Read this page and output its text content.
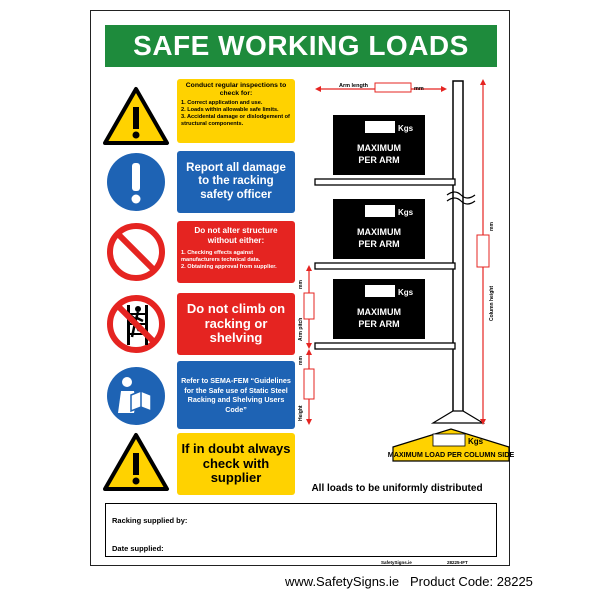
SAFE WORKING LOADS
Conduct regular inspections to check for:
1. Correct application and use.
2. Loads within allowable safe limits.
3. Accidental damage or dislodgement of structural components.
Report all damage to the racking safety officer
Do not alter structure without either:
1. Checking effects against manufacturers technical data.
2. Obtaining approval from supplier.
Do not climb on racking or shelving
Refer to SEMA-FEM “Guidelines for the Safe use of Static Steel Racking and Shelving Users Code”
If in doubt always check with supplier
Arm length	mm
Kgs
MAXIMUM
PER ARM
Kgs
MAXIMUM
PER ARM
Kgs
MAXIMUM
PER ARM
Arm pitch
mm
Height
mm
Column height
mm
Kgs
MAXIMUM LOAD PER COLUMN SIDE
All loads to be uniformly distributed
Racking supplied by:
Date supplied:
SafetySigns.ie	28225-IFT
www.SafetySigns.ie Product Code: 28225
